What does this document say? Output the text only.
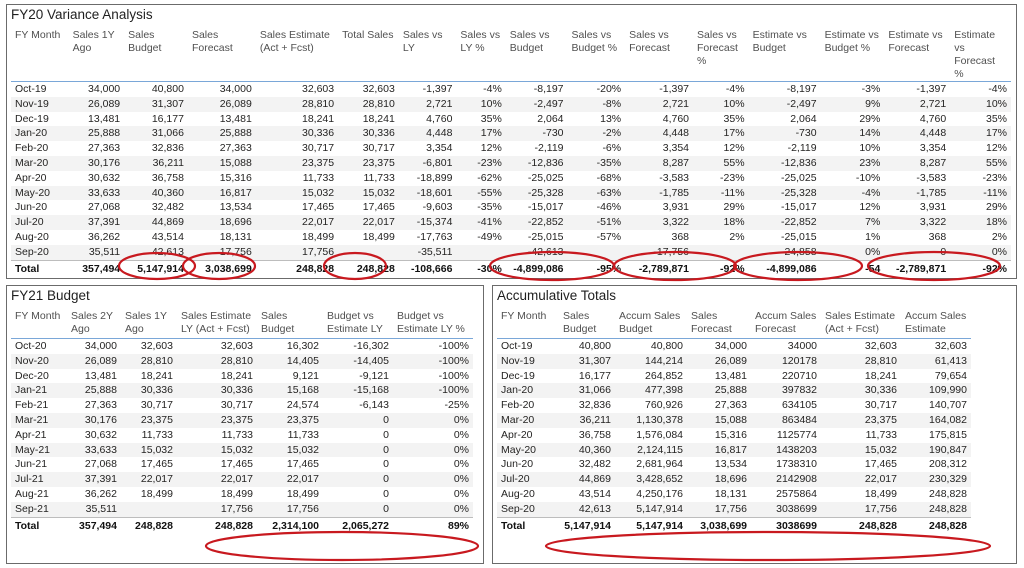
FY20 Variance Analysis
FY Month	Sales 1Y Ago	Sales Budget	Sales Forecast	Sales Estimate (Act + Fcst)	Total Sales	Sales vs LY	Sales vs LY %	Sales vs Budget	Sales vs Budget %	Sales vs Forecast	Sales vs Forecast %	Estimate vs Budget	Estimate vs Budget %	Estimate vs Forecast	Estimate vs Forecast %
Oct-19	34,000	40,800	34,000	32,603	32,603	-1,397	-4%	-8,197	-20%	-1,397	-4%	-8,197	-3%	-1,397	-4%
Nov-19	26,089	31,307	26,089	28,810	28,810	2,721	10%	-2,497	-8%	2,721	10%	-2,497	9%	2,721	10%
Dec-19	13,481	16,177	13,481	18,241	18,241	4,760	35%	2,064	13%	4,760	35%	2,064	29%	4,760	35%
Jan-20	25,888	31,066	25,888	30,336	30,336	4,448	17%	-730	-2%	4,448	17%	-730	14%	4,448	17%
Feb-20	27,363	32,836	27,363	30,717	30,717	3,354	12%	-2,119	-6%	3,354	12%	-2,119	10%	3,354	12%
Mar-20	30,176	36,211	15,088	23,375	23,375	-6,801	-23%	-12,836	-35%	8,287	55%	-12,836	23%	8,287	55%
Apr-20	30,632	36,758	15,316	11,733	11,733	-18,899	-62%	-25,025	-68%	-3,583	-23%	-25,025	-10%	-3,583	-23%
May-20	33,633	40,360	16,817	15,032	15,032	-18,601	-55%	-25,328	-63%	-1,785	-11%	-25,328	-4%	-1,785	-11%
Jun-20	27,068	32,482	13,534	17,465	17,465	-9,603	-35%	-15,017	-46%	3,931	29%	-15,017	12%	3,931	29%
Jul-20	37,391	44,869	18,696	22,017	22,017	-15,374	-41%	-22,852	-51%	3,322	18%	-22,852	7%	3,322	18%
Aug-20	36,262	43,514	18,131	18,499	18,499	-17,763	-49%	-25,015	-57%	368	2%	-25,015	1%	368	2%
Sep-20	35,511	42,613	17,756	17,756		-35,511		-42,613		-17,756		-24,858	0%	0	0%
Total	357,494	5,147,914	3,038,699	248,828	248,828	-108,666	-30%	-4,899,086	-95%	-2,789,871	-92%	-4,899,086	-54	-2,789,871	-92%
FY21 Budget
FY Month	Sales 2Y Ago	Sales 1Y Ago	Sales Estimate LY (Act + Fcst)	Sales Budget	Budget vs Estimate LY	Budget vs Estimate LY %
Oct-20	34,000	32,603	32,603	16,302	-16,302	-100%
Nov-20	26,089	28,810	28,810	14,405	-14,405	-100%
Dec-20	13,481	18,241	18,241	9,121	-9,121	-100%
Jan-21	25,888	30,336	30,336	15,168	-15,168	-100%
Feb-21	27,363	30,717	30,717	24,574	-6,143	-25%
Mar-21	30,176	23,375	23,375	23,375	0	0%
Apr-21	30,632	11,733	11,733	11,733	0	0%
May-21	33,633	15,032	15,032	15,032	0	0%
Jun-21	27,068	17,465	17,465	17,465	0	0%
Jul-21	37,391	22,017	22,017	22,017	0	0%
Aug-21	36,262	18,499	18,499	18,499	0	0%
Sep-21	35,511		17,756	17,756	0	0%
Total	357,494	248,828	248,828	2,314,100	2,065,272	89%
Accumulative Totals
FY Month	Sales Budget	Accum Sales Budget	Sales Forecast	Accum Sales Forecast	Sales Estimate (Act + Fcst)	Accum Sales Estimate
Oct-19	40,800	40,800	34,000	34000	32,603	32,603
Nov-19	31,307	144,214	26,089	120178	28,810	61,413
Dec-19	16,177	264,852	13,481	220710	18,241	79,654
Jan-20	31,066	477,398	25,888	397832	30,336	109,990
Feb-20	32,836	760,926	27,363	634105	30,717	140,707
Mar-20	36,211	1,130,378	15,088	863484	23,375	164,082
Apr-20	36,758	1,576,084	15,316	1125774	11,733	175,815
May-20	40,360	2,124,115	16,817	1438203	15,032	190,847
Jun-20	32,482	2,681,964	13,534	1738310	17,465	208,312
Jul-20	44,869	3,428,652	18,696	2142908	22,017	230,329
Aug-20	43,514	4,250,176	18,131	2575864	18,499	248,828
Sep-20	42,613	5,147,914	17,756	3038699	17,756	248,828
Total	5,147,914	5,147,914	3,038,699	3038699	248,828	248,828
